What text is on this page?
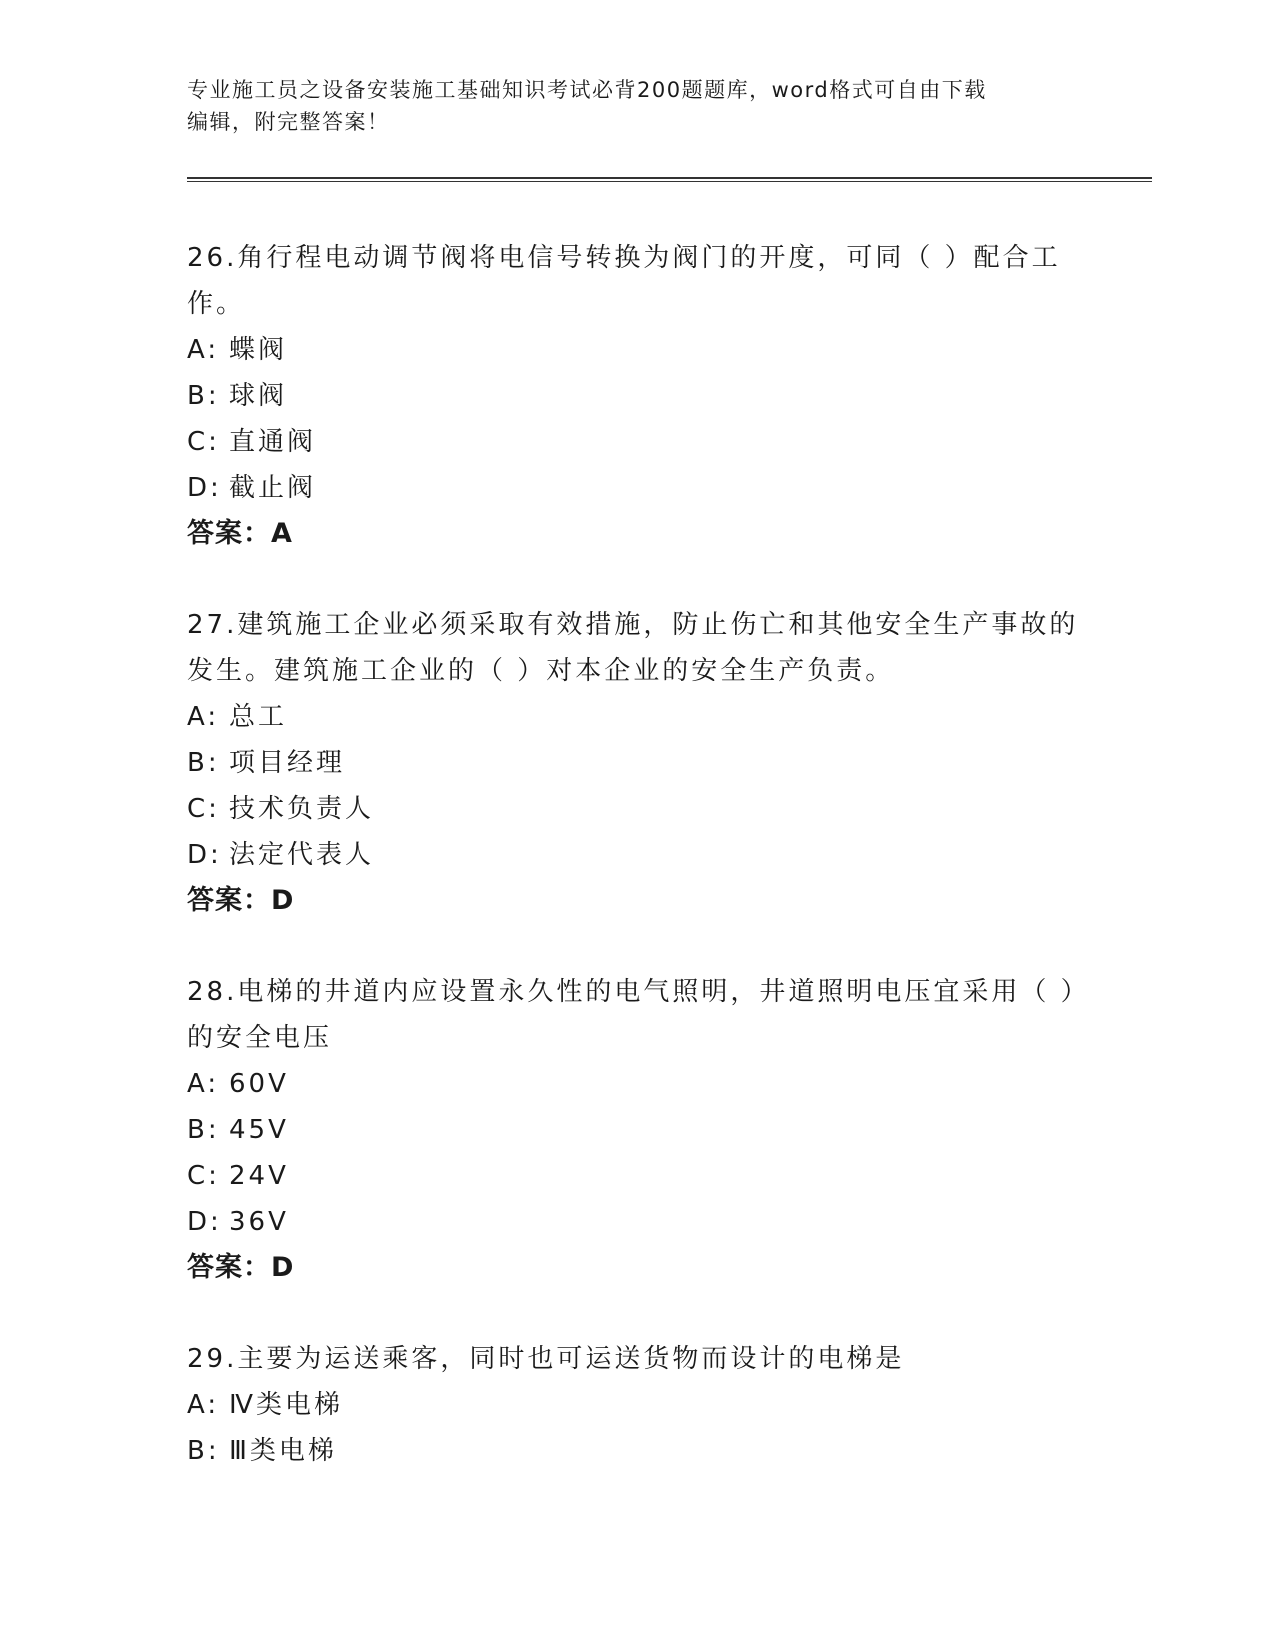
专业施工员之设备安装施工基础知识考试必背200题题库，word格式可自由下载
编辑，附完整答案！
26.角行程电动调节阀将电信号转换为阀门的开度，可同（ ）配合工作。
A: 蝶阀
B: 球阀
C: 直通阀
D: 截止阀
答案：A
27.建筑施工企业必须采取有效措施，防止伤亡和其他安全生产事故的发生。建筑施工企业的（ ）对本企业的安全生产负责。
A: 总工
B: 项目经理
C: 技术负责人
D: 法定代表人
答案：D
28.电梯的井道内应设置永久性的电气照明，井道照明电压宜采用（ ）的安全电压
A: 60V
B: 45V
C: 24V
D: 36V
答案：D
29.主要为运送乘客，同时也可运送货物而设计的电梯是
A: Ⅳ类电梯
B: Ⅲ类电梯
